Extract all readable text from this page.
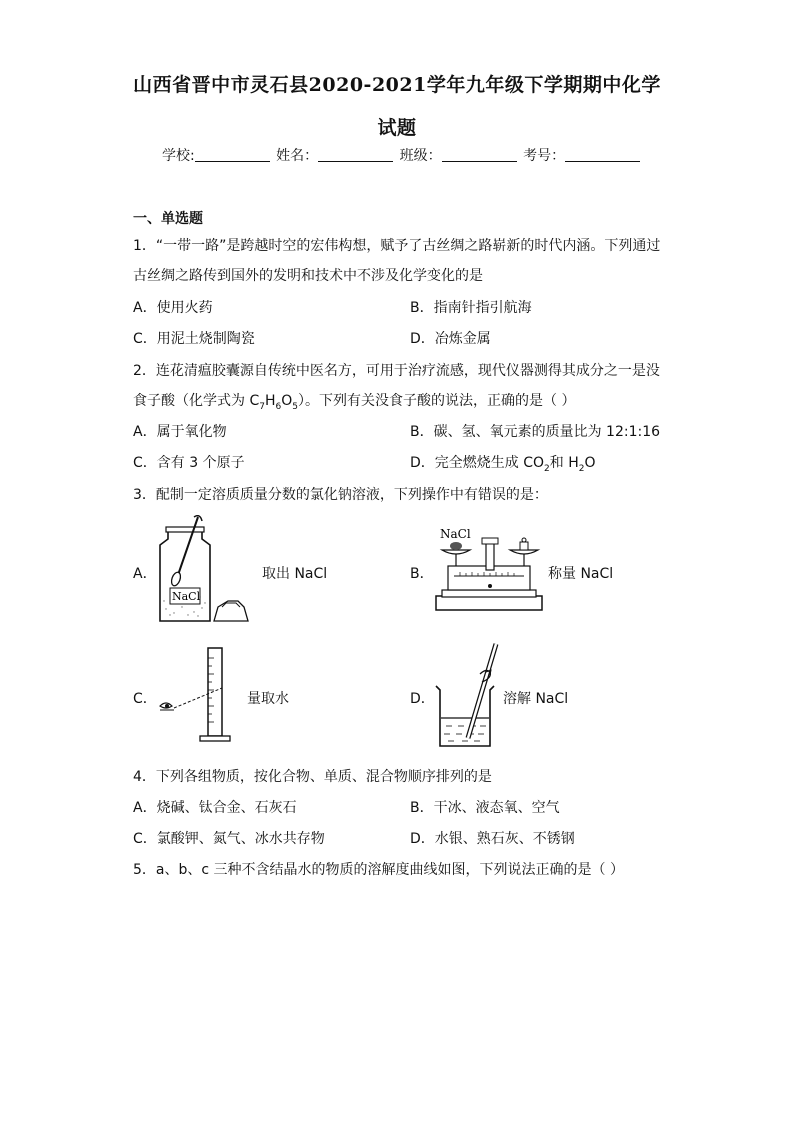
山西省晋中市灵石县2020-2021学年九年级下学期期中化学
试题
学校:	姓名：	班级：	考号：
一、单选题
1．“一带一路”是跨越时空的宏伟构想，赋予了古丝绸之路崭新的时代内涵。下列通过
古丝绸之路传到国外的发明和技术中不涉及化学变化的是
A．使用火药	B．指南针指引航海
C．用泥土烧制陶瓷	D．冶炼金属
2．连花清瘟胶囊源自传统中医名方，可用于治疗流感，现代仪器测得其成分之一是没
食子酸（化学式为 $C_7H_6O_5$）。下列有关没食子酸的说法，正确的是（ ）
A．属于氧化物	B．碳、氢、氧元素的质量比为 12:1:16
C．含有 3 个原子	D．完全燃烧生成 $CO_2$和 $H_2O$
3．配制一定溶质质量分数的氯化钠溶液，下列操作中有错误的是：
A．
NaCl
取出 NaCl	B．
NaCl
称量 NaCl
C．	量取水	D．	溶解 NaCl
4．下列各组物质，按化合物、单质、混合物顺序排列的是
A．烧碱、钛合金、石灰石	B．干冰、液态氧、空气
C．氯酸钾、氮气、冰水共存物	D．水银、熟石灰、不锈钢
5．a、b、c 三种不含结晶水的物质的溶解度曲线如图，下列说法正确的是（ ）
